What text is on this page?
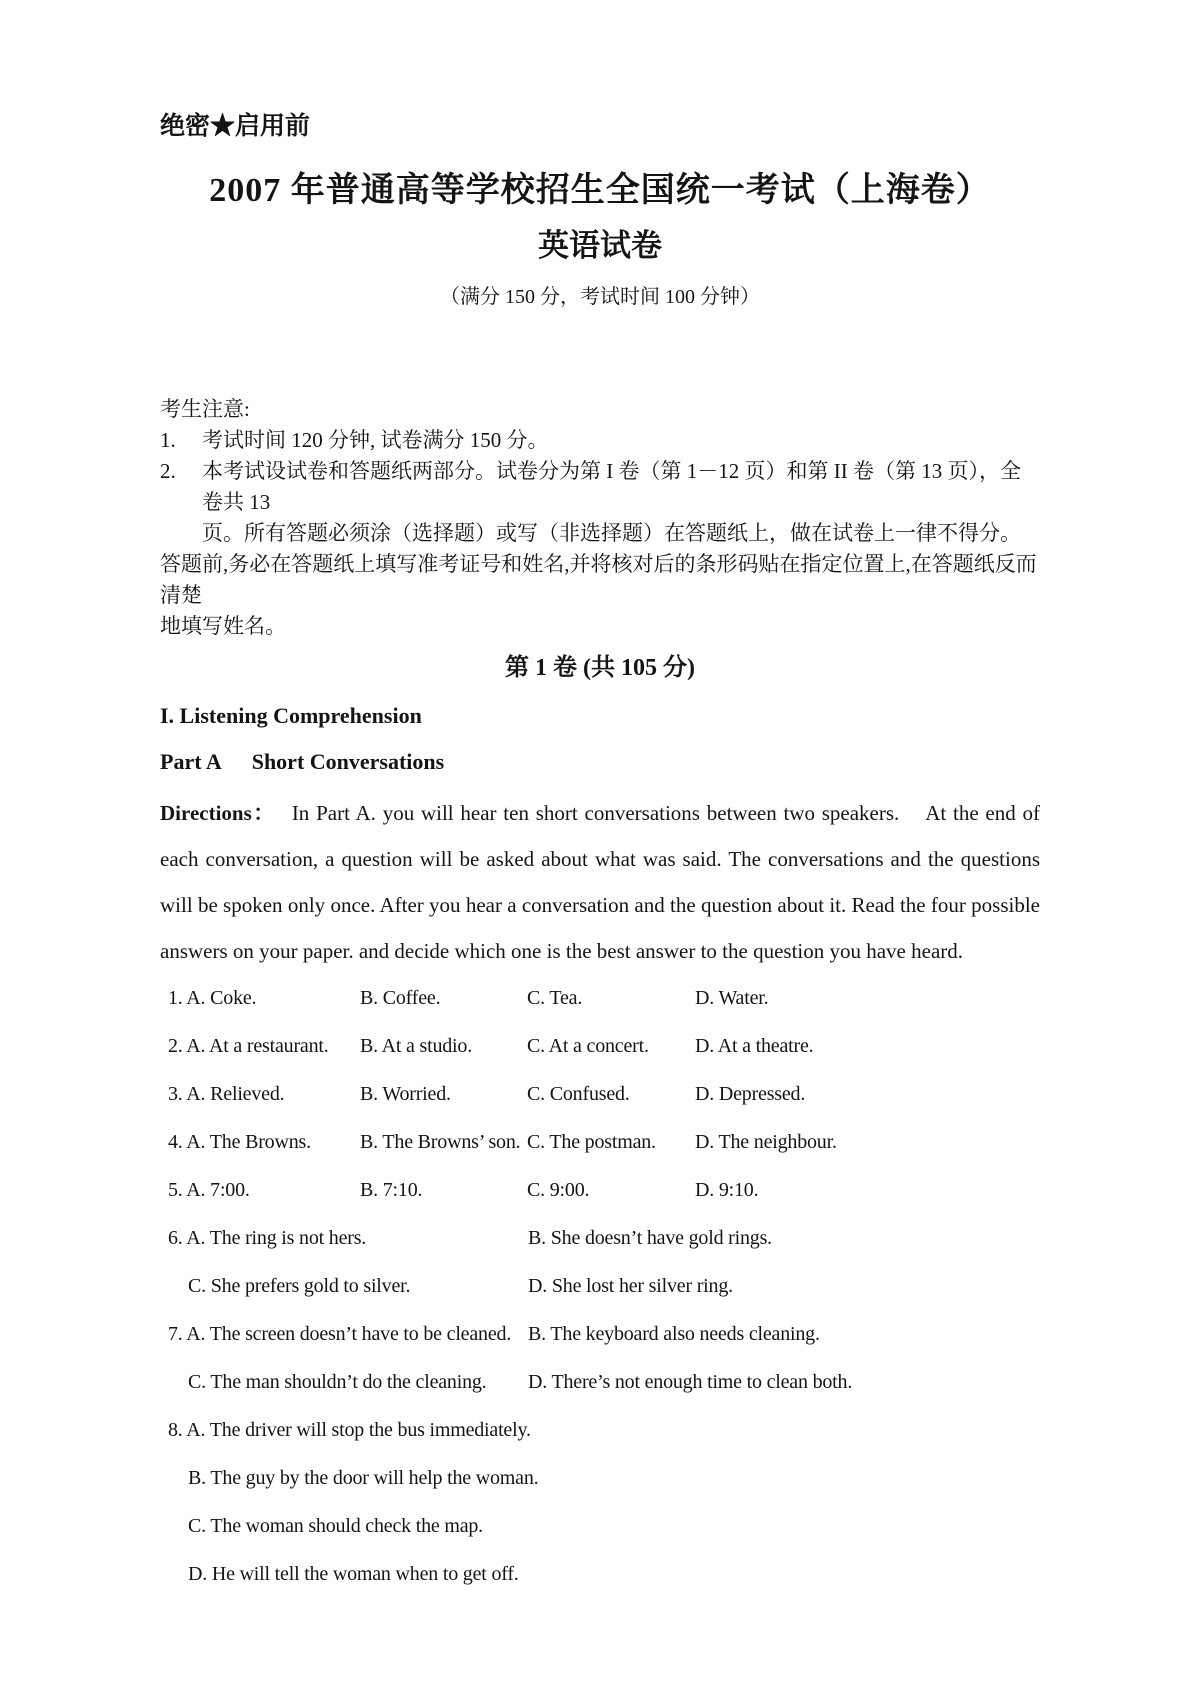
绝密★启用前
2007 年普通高等学校招生全国统一考试（上海卷）
英语试卷
（满分 150 分，考试时间 100 分钟）
考生注意:
1.	考试时间 120 分钟, 试卷满分 150 分。
2.	本考试设试卷和答题纸两部分。试卷分为第 I 卷（第 1－12 页）和第 II 卷（第 13 页），全卷共 13
页。所有答题必须涂（选择题）或写（非选择题）在答题纸上，做在试卷上一律不得分。
答题前,务必在答题纸上填写准考证号和姓名,并将核对后的条形码贴在指定位置上,在答题纸反而清楚
地填写姓名。
第 1 卷 (共 105 分)
I. Listening Comprehension
Part A Short Conversations

Directions： In Part A. you will hear ten short conversations between two speakers.    At the end of each conversation, a question will be asked about what was said. The conversations and the questions will be spoken only once. After you hear a conversation and the question about it. Read the four possible answers on your paper. and decide which one is the best answer to the question you have heard.

1. A. Coke.	B. Coffee.	C. Tea.	D. Water.
2. A. At a restaurant.	B. At a studio.	C. At a concert.	D. At a theatre.
3. A. Relieved.	B. Worried.	C. Confused.	D. Depressed.
4. A. The Browns.	B. The Browns’ son. C. The postman.	D. The neighbour.
5. A. 7:00.	B. 7:10.	C. 9:00.	D. 9:10.
6. A. The ring is not hers.	B. She doesn’t have gold rings.
C. She prefers gold to silver.	D. She lost her silver ring.
7. A. The screen doesn’t have to be cleaned. B. The keyboard also needs cleaning.
C. The man shouldn’t do the cleaning.	D. There’s not enough time to clean both.
8. A. The driver will stop the bus immediately.
B. The guy by the door will help the woman.
C. The woman should check the map.
D. He will tell the woman when to get off.
